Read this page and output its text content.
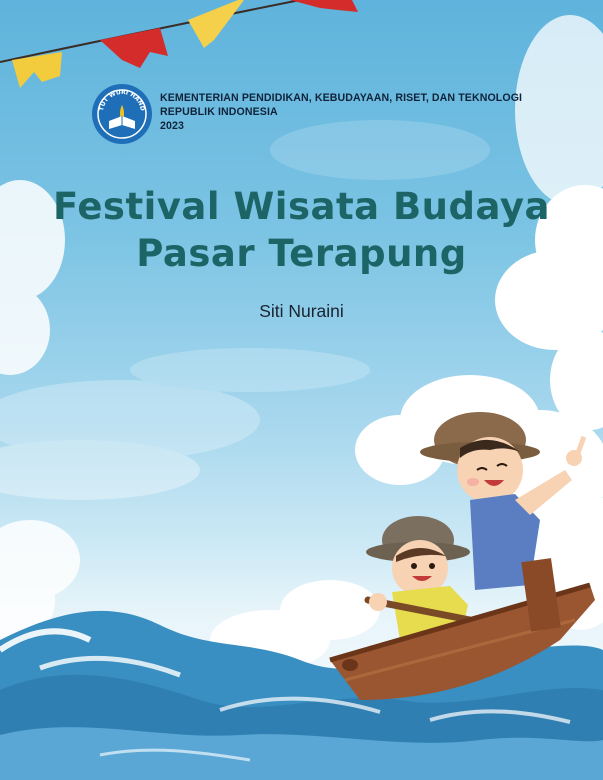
TUT WURI HAND
KEMENTERIAN PENDIDIKAN, KEBUDAYAAN, RISET, DAN TEKNOLOGI
REPUBLIK INDONESIA
2023
Festival Wisata Budaya
Pasar Terapung
Siti Nuraini
